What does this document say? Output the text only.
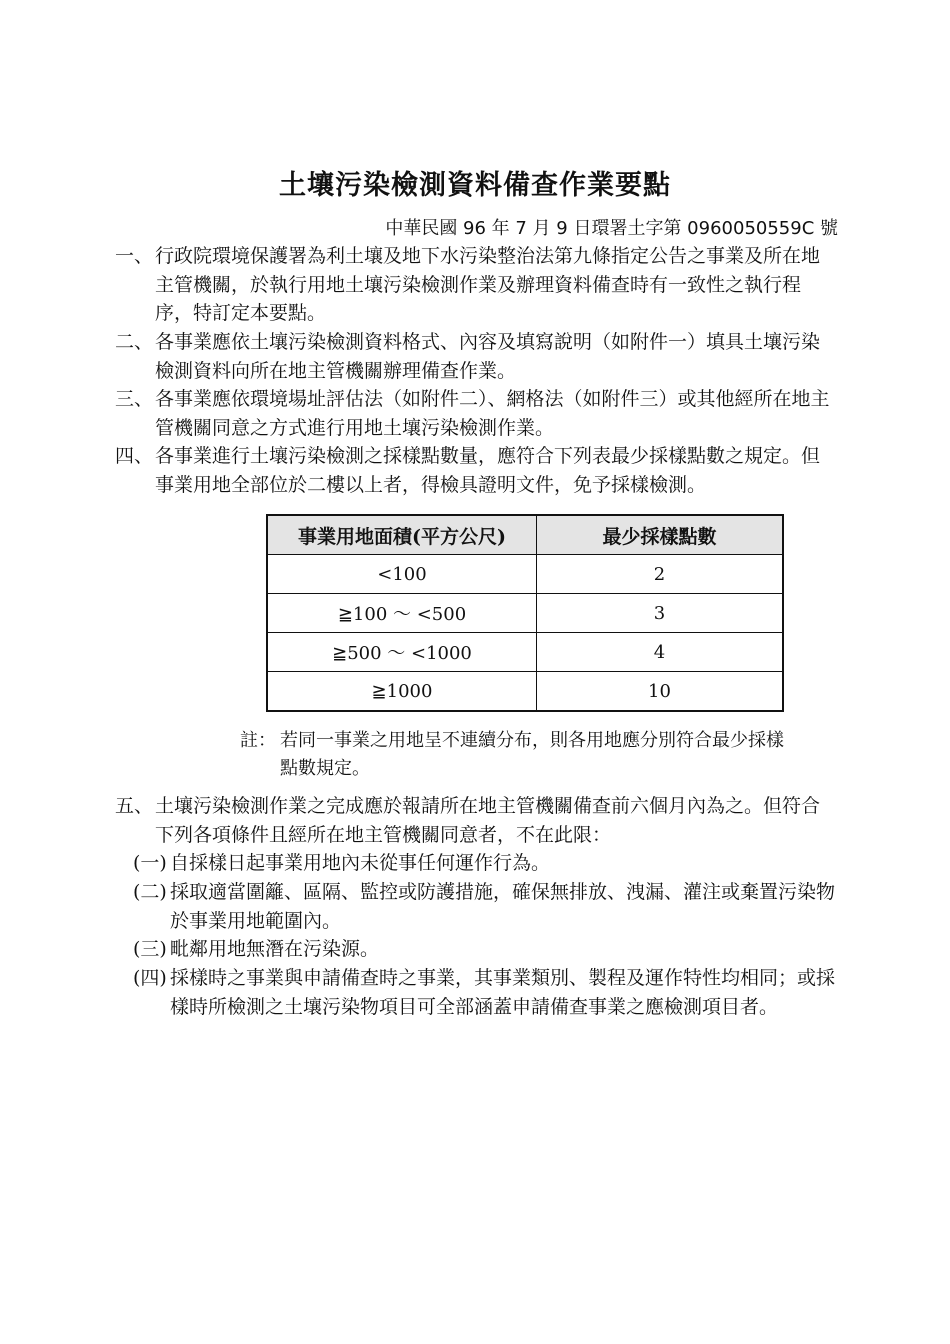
土壤污染檢測資料備查作業要點
中華民國 96 年 7 月 9 日環署土字第 0960050559C 號
一、 行政院環境保護署為利土壤及地下水污染整治法第九條指定公告之事業及所在地主管機關，於執行用地土壤污染檢測作業及辦理資料備查時有一致性之執行程序，特訂定本要點。
二、 各事業應依土壤污染檢測資料格式、內容及填寫說明（如附件一）填具土壤污染檢測資料向所在地主管機關辦理備查作業。
三、 各事業應依環境場址評估法（如附件二）、網格法（如附件三）或其他經所在地主管機關同意之方式進行用地土壤污染檢測作業。
四、 各事業進行土壤污染檢測之採樣點數量，應符合下列表最少採樣點數之規定。但事業用地全部位於二樓以上者，得檢具證明文件，免予採樣檢測。
事業用地面積(平方公尺)	最少採樣點數
<100	2
≧100 ～ <500	3
≧500 ～ <1000	4
≧1000	10
註： 若同一事業之用地呈不連續分布，則各用地應分別符合最少採樣點數規定。
五、 土壤污染檢測作業之完成應於報請所在地主管機關備查前六個月內為之。但符合下列各項條件且經所在地主管機關同意者，不在此限：
(一) 自採樣日起事業用地內未從事任何運作行為。
(二) 採取適當圍籬、區隔、監控或防護措施，確保無排放、洩漏、灌注或棄置污染物於事業用地範圍內。
(三) 毗鄰用地無潛在污染源。
(四) 採樣時之事業與申請備查時之事業，其事業類別、製程及運作特性均相同；或採樣時所檢測之土壤污染物項目可全部涵蓋申請備查事業之應檢測項目者。
